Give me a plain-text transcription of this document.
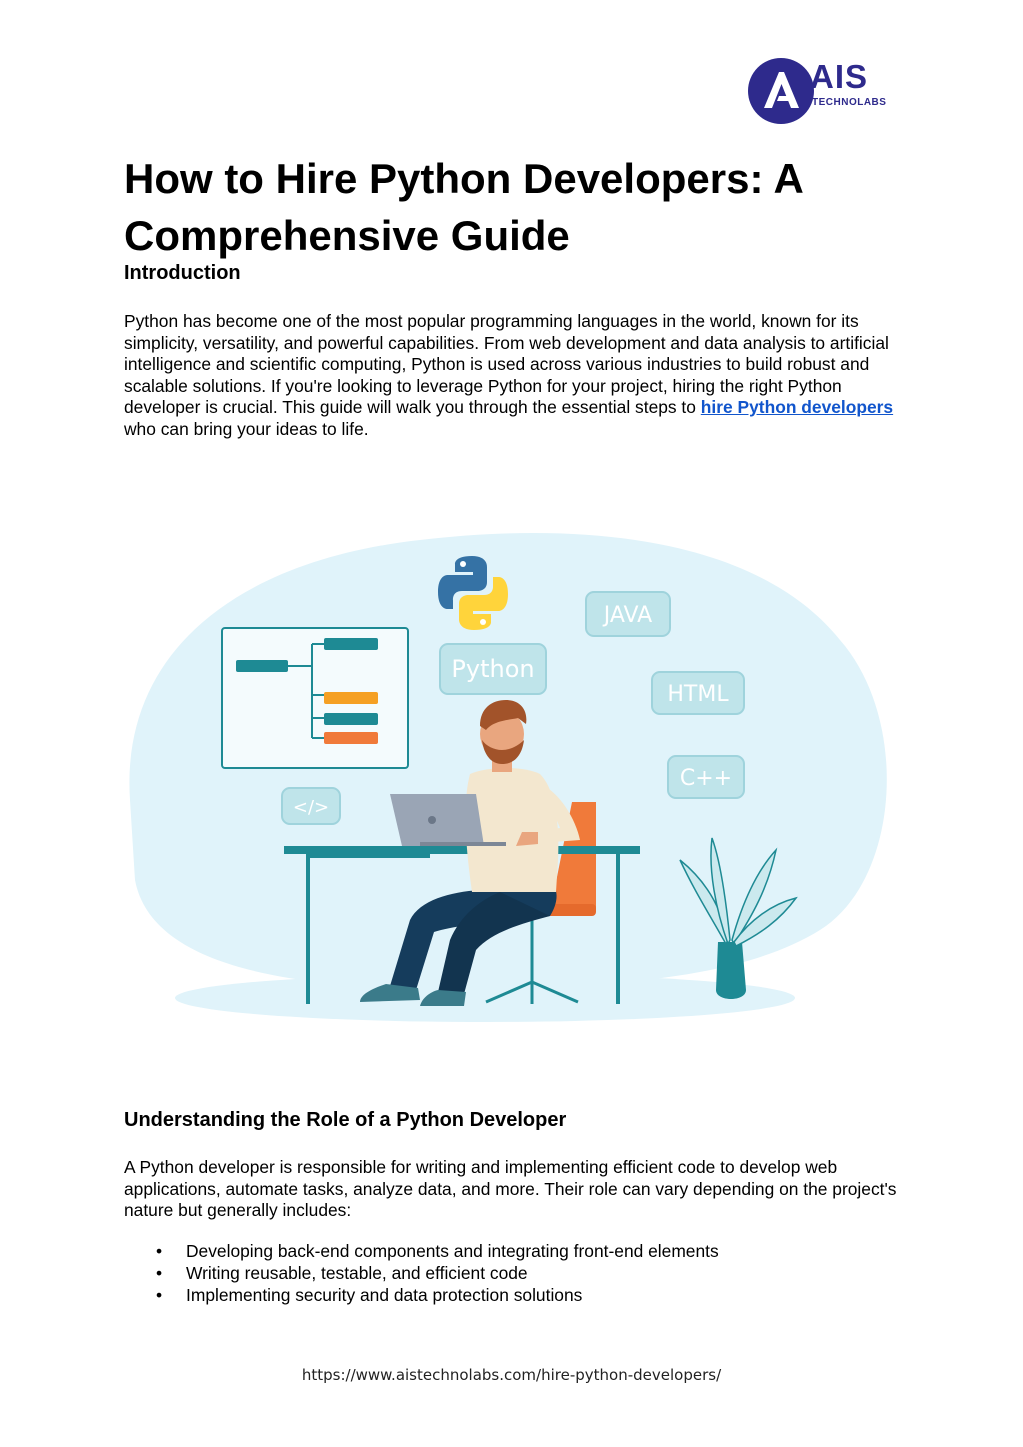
AIS
TECHNOLABS
How to Hire Python Developers: A Comprehensive Guide
Introduction

Python has become one of the most popular programming languages in the world, known for its simplicity, versatility, and powerful capabilities. From web development and data analysis to artificial intelligence and scientific computing, Python is used across various industries to build robust and scalable solutions. If you're looking to leverage Python for your project, hiring the right Python developer is crucial. This guide will walk you through the essential steps to hire Python developers who can bring your ideas to life.

Python
JAVA
HTML
C++
</>
Understanding the Role of a Python Developer

A Python developer is responsible for writing and implementing efficient code to develop web applications, automate tasks, analyze data, and more. Their role can vary depending on the project's nature but generally includes:

• Developing back-end components and integrating front-end elements
• Writing reusable, testable, and efficient code
• Implementing security and data protection solutions
https://www.aistechnolabs.com/hire-python-developers/
